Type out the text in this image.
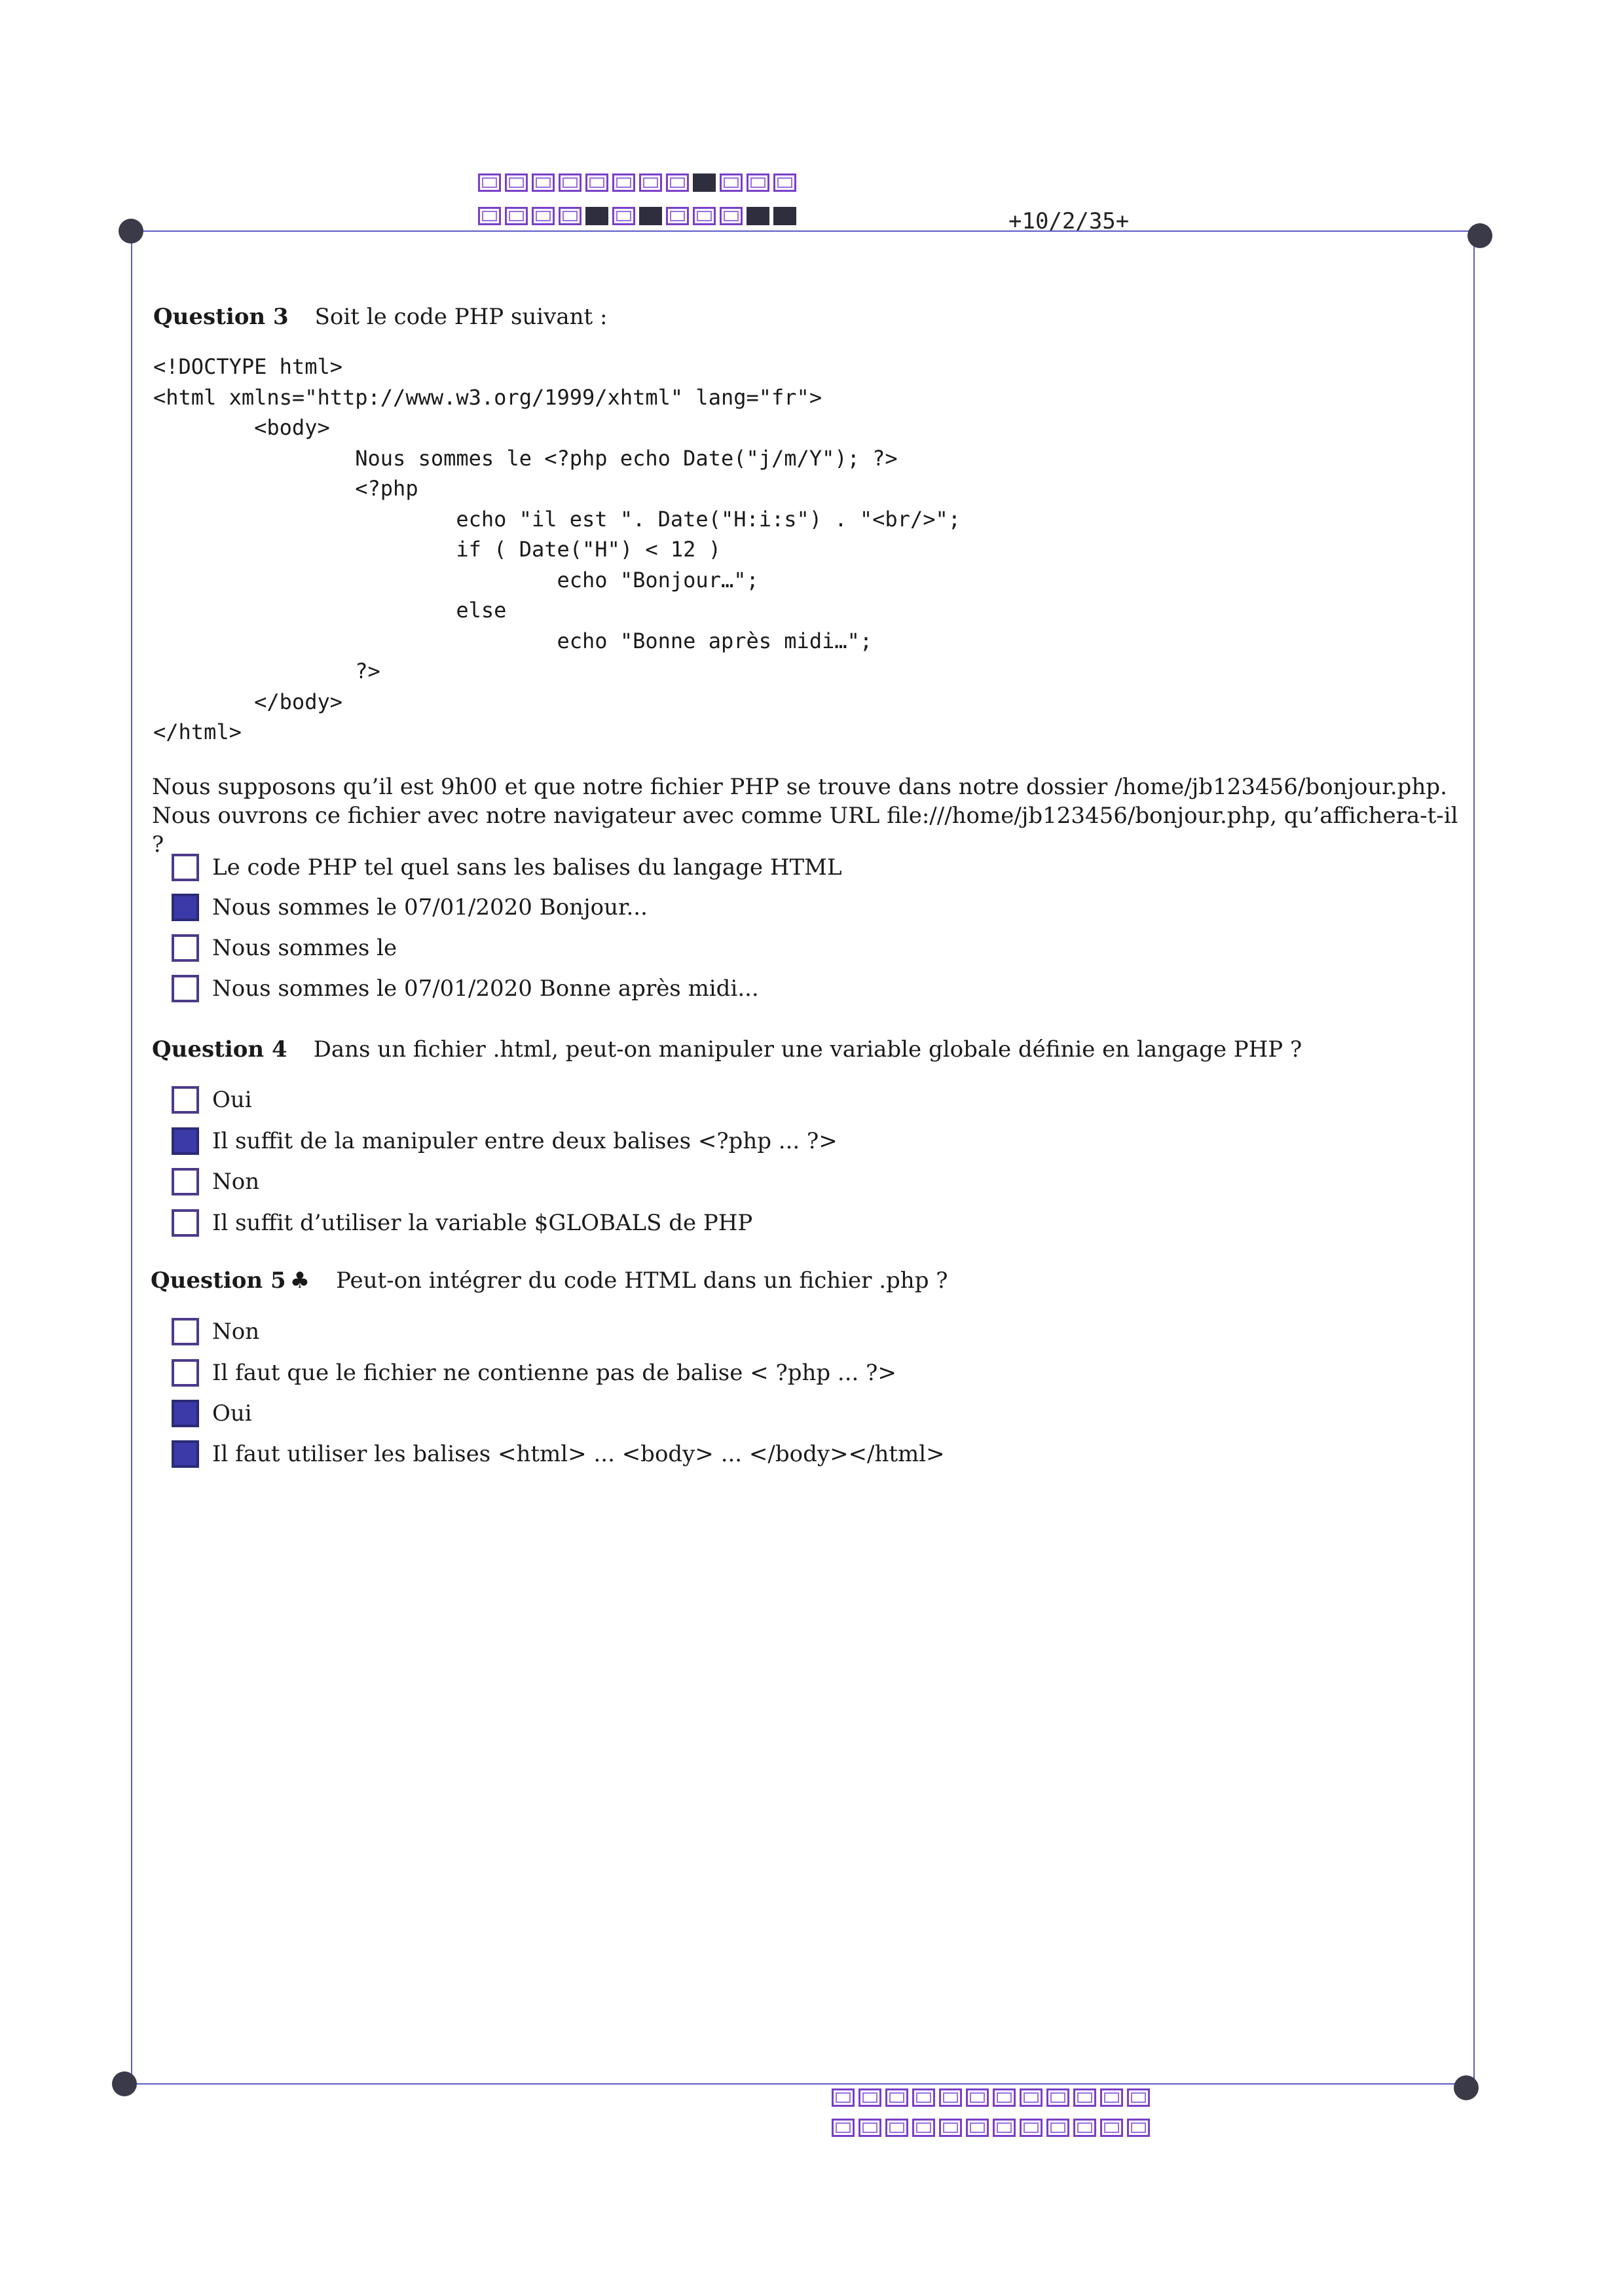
+10/2/35+
Question 3 Soit le code PHP suivant :
<!DOCTYPE html>
<html xmlns="http://www.w3.org/1999/xhtml" lang="fr">
<body>
Nous sommes le <?php echo Date("j/m/Y"); ?>
<?php
echo "il est ". Date("H:i:s") . "<br/>";
if ( Date("H") < 12 )
echo "Bonjour…";
else
echo "Bonne après midi…";
?>
</body>
</html>
Nous supposons qu’il est 9h00 et que notre fichier PHP se trouve dans notre dossier /home/jb123456/bonjour.php. Nous ouvrons ce fichier avec notre navigateur avec comme URL file:///home/jb123456/bonjour.php, qu’affichera-t-il ?
Le code PHP tel quel sans les balises du langage HTML
Nous sommes le 07/01/2020 Bonjour...
Nous sommes le
Nous sommes le 07/01/2020 Bonne après midi...
Question 4 Dans un fichier .html, peut-on manipuler une variable globale définie en langage PHP ?
Oui
Il suffit de la manipuler entre deux balises <?php ... ?>
Non
Il suffit d’utiliser la variable $GLOBALS de PHP
Question 5 ♣ Peut-on intégrer du code HTML dans un fichier .php ?
Non
Il faut que le fichier ne contienne pas de balise < ?php ... ?>
Oui
Il faut utiliser les balises <html> ... <body> ... </body></html>
